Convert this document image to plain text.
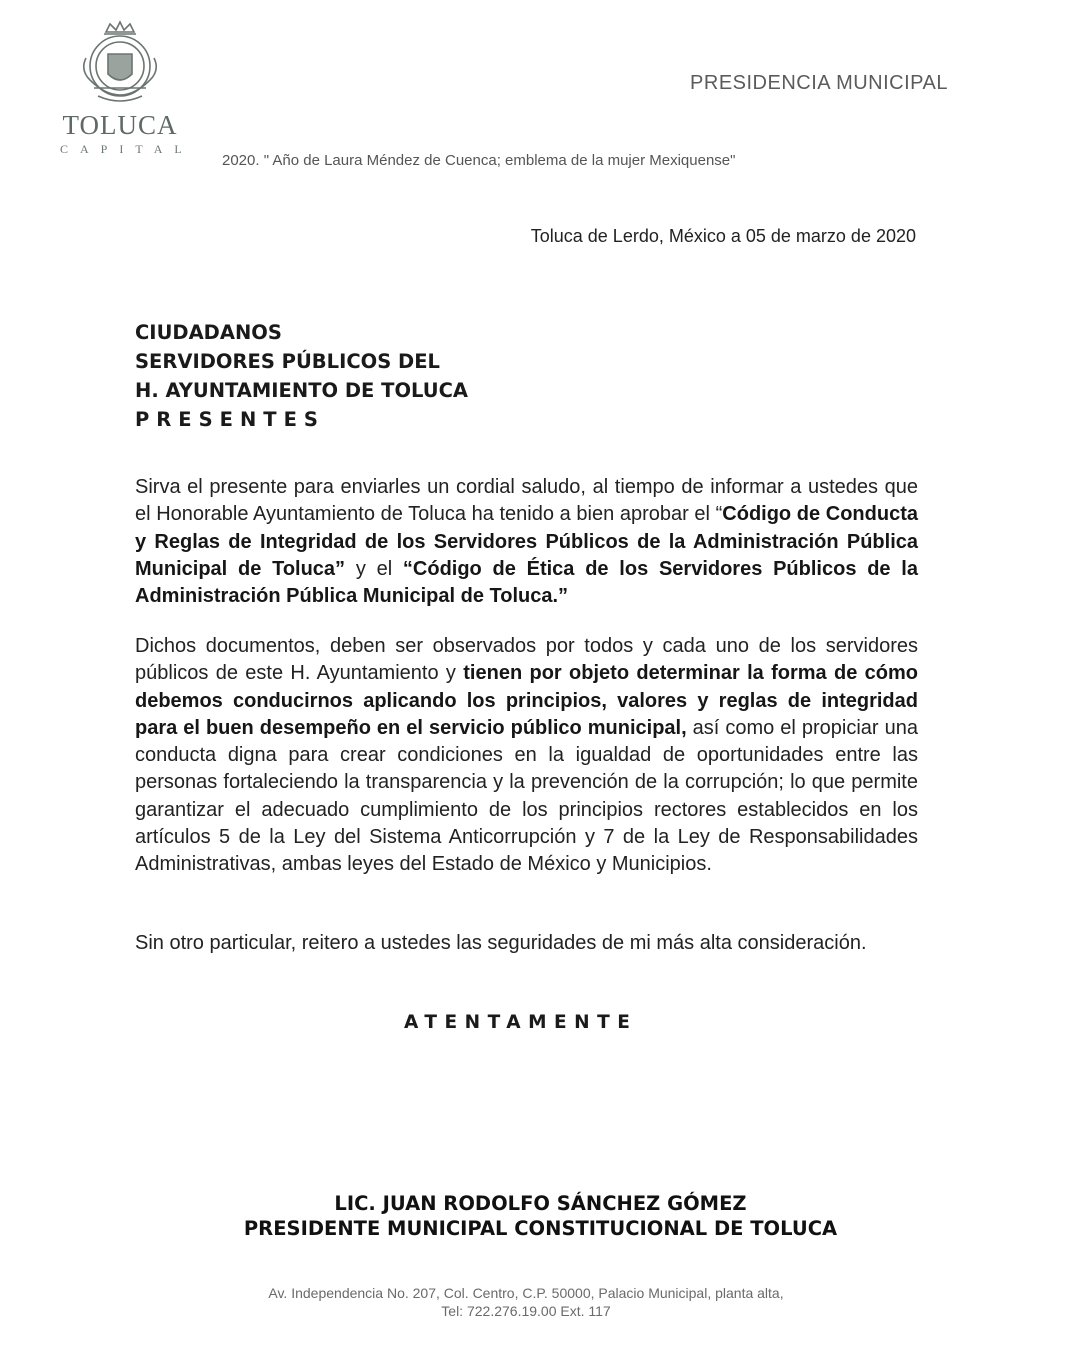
TOLUCA
CAPITAL
PRESIDENCIA MUNICIPAL
2020. " Año de Laura Méndez de Cuenca; emblema de la mujer Mexiquense"
Toluca de Lerdo, México a 05 de marzo de 2020
CIUDADANOS
SERVIDORES PÚBLICOS DEL
H. AYUNTAMIENTO DE TOLUCA
PRESENTES
Sirva el presente para enviarles un cordial saludo, al tiempo de informar a ustedes que el Honorable Ayuntamiento de Toluca ha tenido a bien aprobar el “Código de Conducta y Reglas de Integridad de los Servidores Públicos de la Administración Pública Municipal de Toluca” y el “Código de Ética de los Servidores Públicos de la Administración Pública Municipal de Toluca.”
Dichos documentos, deben ser observados por todos y cada uno de los servidores públicos de este H. Ayuntamiento y tienen por objeto determinar la forma de cómo debemos conducirnos aplicando los principios, valores y reglas de integridad para el buen desempeño en el servicio público municipal, así como el propiciar una conducta digna para crear condiciones en la igualdad de oportunidades entre las personas fortaleciendo la transparencia y la prevención de la corrupción; lo que permite garantizar el adecuado cumplimiento de los principios rectores establecidos en los artículos 5 de la Ley del Sistema Anticorrupción y 7 de la Ley de Responsabilidades Administrativas, ambas leyes del Estado de México y Municipios.
Sin otro particular, reitero a ustedes las seguridades de mi más alta consideración.
ATENTAMENTE
LIC. JUAN RODOLFO SÁNCHEZ GÓMEZ
PRESIDENTE MUNICIPAL CONSTITUCIONAL DE TOLUCA
Av. Independencia No. 207, Col. Centro, C.P. 50000, Palacio Municipal, planta alta,
Tel: 722.276.19.00 Ext. 117
